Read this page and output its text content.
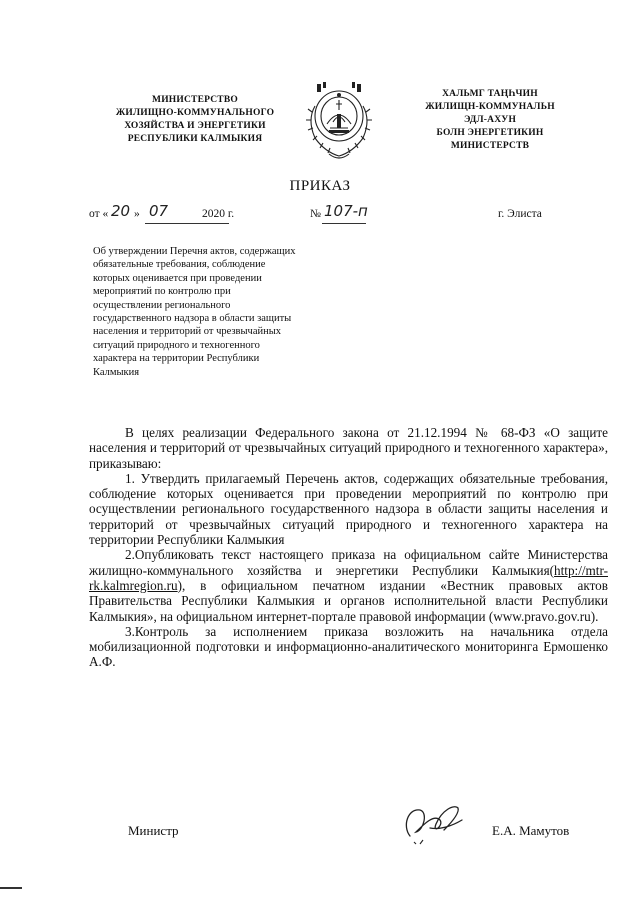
МИНИСТЕРСТВО
ЖИЛИЩНО-КОММУНАЛЬНОГО
ХОЗЯЙСТВА И ЭНЕРГЕТИКИ
РЕСПУБЛИКИ КАЛМЫКИЯ
ХАЛЬМГ ТАҢҺЧИН
ЖИЛИЩН-КОММУНАЛЬН
ЭДЛ-АХУН
БОЛН ЭНЕРГЕТИКИН
МИНИСТЕРСТВ
ПРИКАЗ
от « 20 » 07	2020 г.	№ 107-п	г. Элиста
Об утверждении Перечня актов, содержащих
обязательные требования, соблюдение
которых оценивается при проведении
мероприятий по контролю при
осуществлении регионального
государственного надзора в области защиты
населения и территорий от чрезвычайных
ситуаций природного и техногенного
характера на территории Республики
Калмыкия

В целях реализации Федерального закона от 21.12.1994 № 68-ФЗ «О защите населения и территорий от чрезвычайных ситуаций природного и техногенного характера», приказываю:

1. Утвердить прилагаемый Перечень актов, содержащих обязательные требования, соблюдение которых оценивается при проведении мероприятий по контролю при осуществлении регионального государственного надзора в области защиты населения и территорий от чрезвычайных ситуаций природного и техногенного характера на территории Республики Калмыкия

2.Опубликовать текст настоящего приказа на официальном сайте Министерства жилищно-коммунального хозяйства и энергетики Республики Калмыкия(http://mtr-rk.kalmregion.ru), в официальном печатном издании «Вестник правовых актов Правительства Республики Калмыкия и органов исполнительной власти Республики Калмыкия», на официальном интернет-портале правовой информации (www.pravo.gov.ru).

3.Контроль за исполнением приказа возложить на начальника отдела мобилизационной подготовки и информационно-аналитического мониторинга Ермошенко А.Ф.

Министр	Е.А. Мамутов
